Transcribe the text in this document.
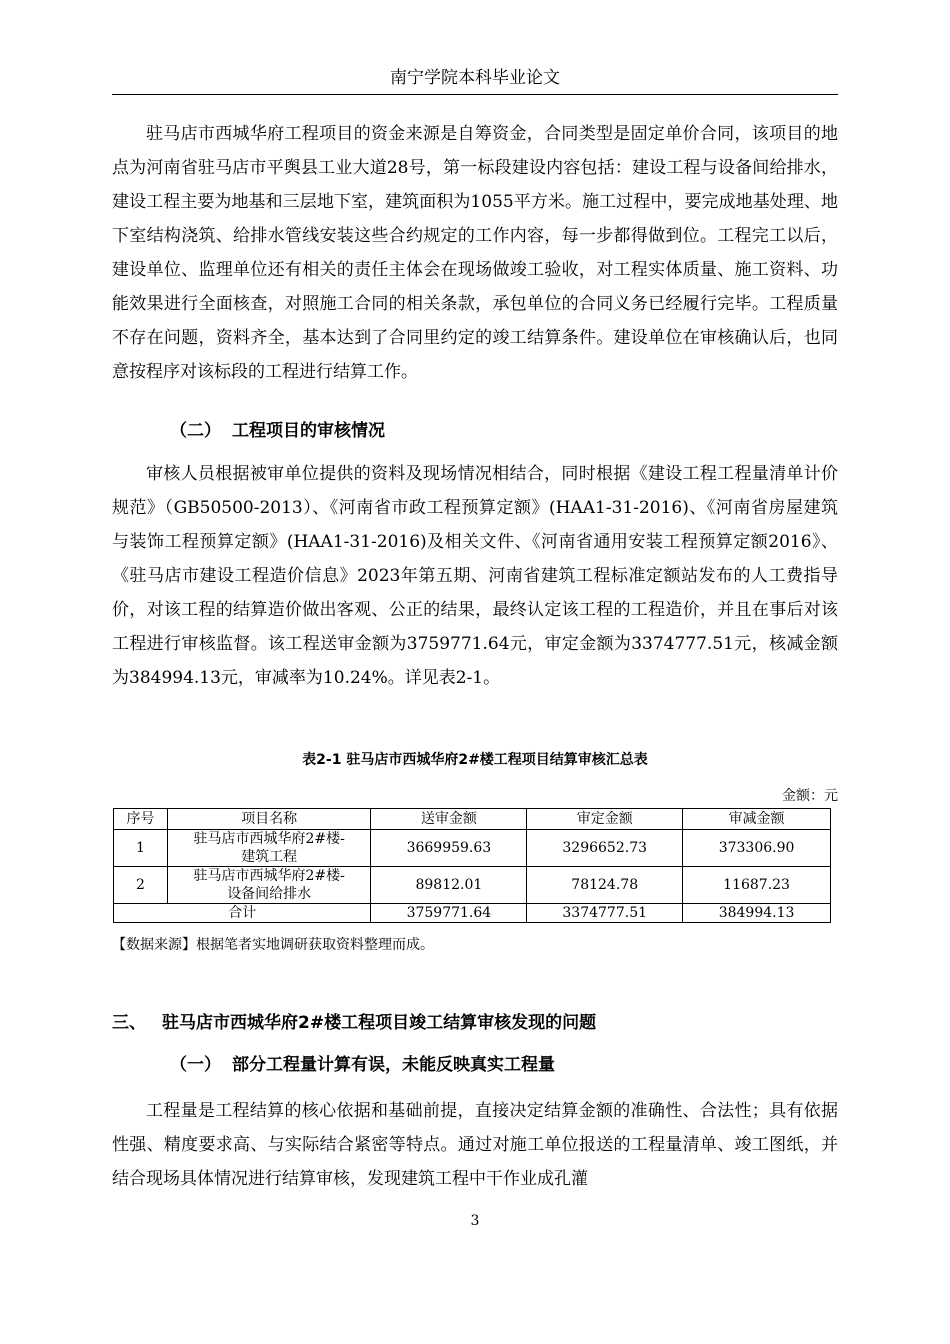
南宁学院本科毕业论文

驻马店市西城华府工程项目的资金来源是自筹资金，合同类型是固定单价合同，该项目的地点为河南省驻马店市平舆县工业大道28号，第一标段建设内容包括：建设工程与设备间给排水，建设工程主要为地基和三层地下室，建筑面积为1055平方米。施工过程中，要完成地基处理、地下室结构浇筑、给排水管线安装这些合约规定的工作内容，每一步都得做到位。工程完工以后，建设单位、监理单位还有相关的责任主体会在现场做竣工验收，对工程实体质量、施工资料、功能效果进行全面核查，对照施工合同的相关条款，承包单位的合同义务已经履行完毕。工程质量不存在问题，资料齐全，基本达到了合同里约定的竣工结算条件。建设单位在审核确认后，也同意按程序对该标段的工程进行结算工作。

（二） 工程项目的审核情况

审核人员根据被审单位提供的资料及现场情况相结合，同时根据《建设工程工程量清单计价规范》（GB50500-2013）、《河南省市政工程预算定额》(HAA1-31-2016)、《河南省房屋建筑与装饰工程预算定额》(HAA1-31-2016)及相关文件、《河南省通用安装工程预算定额2016》、《驻马店市建设工程造价信息》2023年第五期、河南省建筑工程标准定额站发布的人工费指导价，对该工程的结算造价做出客观、公正的结果，最终认定该工程的工程造价，并且在事后对该工程进行审核监督。该工程送审金额为3759771.64元，审定金额为3374777.51元，核减金额为384994.13元，审减率为10.24%。详见表2-1。

表2-1 驻马店市西城华府2#楼工程项目结算审核汇总表
金额：元
序号	项目名称	送审金额	审定金额	审减金额
1	驻马店市西城华府2#楼-
建筑工程	3669959.63	3296652.73	373306.90
2	驻马店市西城华府2#楼-
设备间给排水	89812.01	78124.78	11687.23
合计		3759771.64	3374777.51	384994.13
【数据来源】根据笔者实地调研获取资料整理而成。
三、 驻马店市西城华府2#楼工程项目竣工结算审核发现的问题
（一） 部分工程量计算有误，未能反映真实工程量

工程量是工程结算的核心依据和基础前提，直接决定结算金额的准确性、合法性；具有依据性强、精度要求高、与实际结合紧密等特点。通过对施工单位报送的工程量清单、竣工图纸，并结合现场具体情况进行结算审核，发现建筑工程中干作业成孔灌

3
